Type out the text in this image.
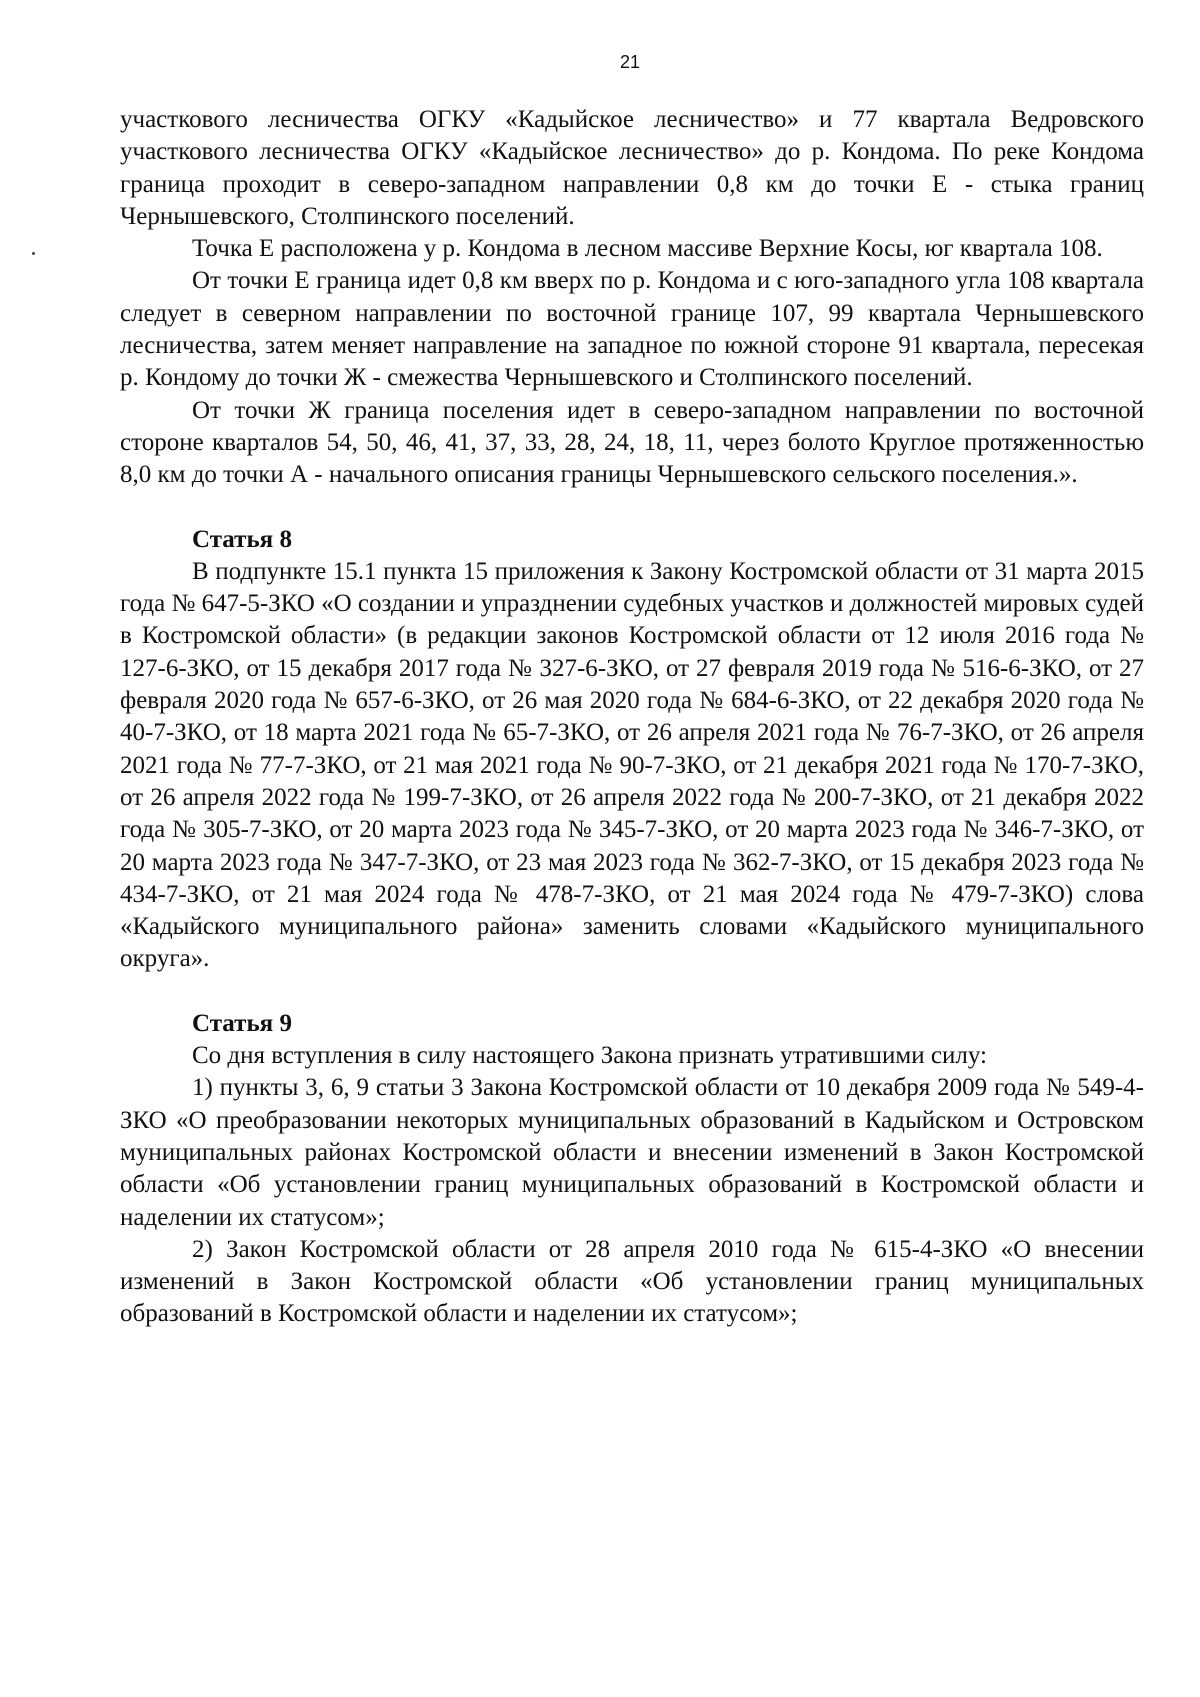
21

участкового лесничества ОГКУ «Кадыйское лесничество» и 77 квартала Ведровского участкового лесничества ОГКУ «Кадыйское лесничество» до р. Кондома. По реке Кондома граница проходит в северо-западном направлении 0,8 км до точки Е - стыка границ Чернышевского, Столпинского поселений.

Точка Е расположена у р. Кондома в лесном массиве Верхние Косы, юг квартала 108.

От точки Е граница идет 0,8 км вверх по р. Кондома и с юго-западного угла 108 квартала следует в северном направлении по восточной границе 107, 99 квартала Чернышевского лесничества, затем меняет направление на западное по южной стороне 91 квартала, пересекая р. Кондому до точки Ж - смежества Чернышевского и Столпинского поселений.

От точки Ж граница поселения идет в северо-западном направлении по восточной стороне кварталов 54, 50, 46, 41, 37, 33, 28, 24, 18, 11, через болото Круглое протяженностью 8,0 км до точки А - начального описания границы Чернышевского сельского поселения.».

Статья 8

В подпункте 15.1 пункта 15 приложения к Закону Костромской области от 31 марта 2015 года № 647-5-ЗКО «О создании и упразднении судебных участков и должностей мировых судей в Костромской области» (в редакции законов Костромской области от 12 июля 2016 года № 127-6-ЗКО, от 15 декабря 2017 года № 327-6-ЗКО, от 27 февраля 2019 года № 516-6-ЗКО, от 27 февраля 2020 года № 657-6-ЗКО, от 26 мая 2020 года № 684-6-ЗКО, от 22 декабря 2020 года № 40-7-ЗКО, от 18 марта 2021 года № 65-7-ЗКО, от 26 апреля 2021 года № 76-7-ЗКО, от 26 апреля 2021 года № 77-7-ЗКО, от 21 мая 2021 года № 90-7-ЗКО, от 21 декабря 2021 года № 170-7-ЗКО, от 26 апреля 2022 года № 199-7-ЗКО, от 26 апреля 2022 года № 200-7-ЗКО, от 21 декабря 2022 года № 305-7-ЗКО, от 20 марта 2023 года № 345-7-ЗКО, от 20 марта 2023 года № 346-7-ЗКО, от 20 марта 2023 года № 347-7-ЗКО, от 23 мая 2023 года № 362-7-ЗКО, от 15 декабря 2023 года № 434-7-ЗКО, от 21 мая 2024 года № 478-7-ЗКО, от 21 мая 2024 года № 479-7-ЗКО) слова «Кадыйского муниципального района» заменить словами «Кадыйского муниципального округа».

Статья 9

Со дня вступления в силу настоящего Закона признать утратившими силу:

1) пункты 3, 6, 9 статьи 3 Закона Костромской области от 10 декабря 2009 года № 549-4-ЗКО «О преобразовании некоторых муниципальных образований в Кадыйском и Островском муниципальных районах Костромской области и внесении изменений в Закон Костромской области «Об установлении границ муниципальных образований в Костромской области и наделении их статусом»;

2) Закон Костромской области от 28 апреля 2010 года № 615-4-ЗКО «О внесении изменений в Закон Костромской области «Об установлении границ муниципальных образований в Костромской области и наделении их статусом»;
